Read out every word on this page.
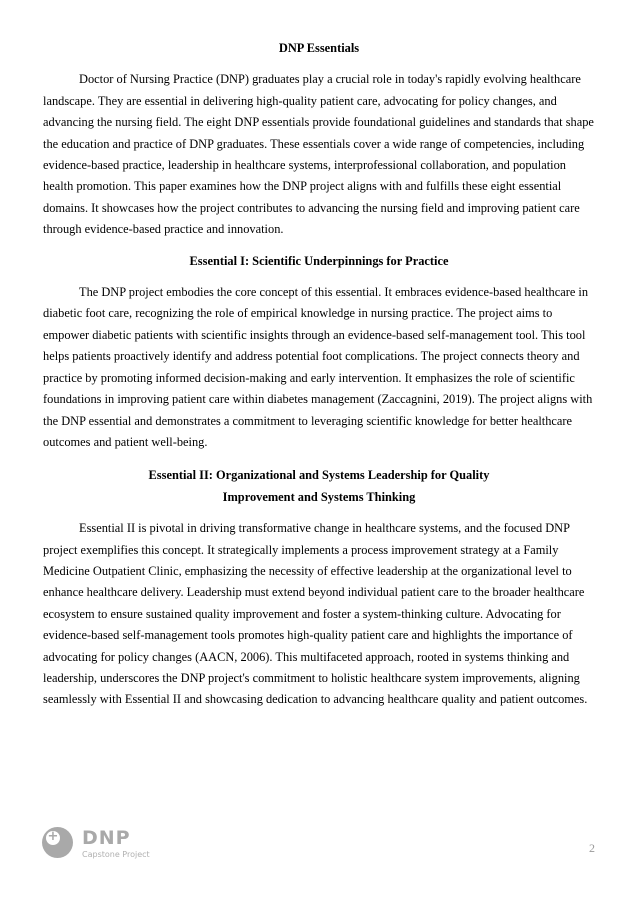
DNP Essentials

Doctor of Nursing Practice (DNP) graduates play a crucial role in today's rapidly evolving healthcare landscape. They are essential in delivering high-quality patient care, advocating for policy changes, and advancing the nursing field. The eight DNP essentials provide foundational guidelines and standards that shape the education and practice of DNP graduates. These essentials cover a wide range of competencies, including evidence-based practice, leadership in healthcare systems, interprofessional collaboration, and population health promotion. This paper examines how the DNP project aligns with and fulfills these eight essential domains. It showcases how the project contributes to advancing the nursing field and improving patient care through evidence-based practice and innovation.

Essential I: Scientific Underpinnings for Practice

The DNP project embodies the core concept of this essential. It embraces evidence-based healthcare in diabetic foot care, recognizing the role of empirical knowledge in nursing practice. The project aims to empower diabetic patients with scientific insights through an evidence-based self-management tool. This tool helps patients proactively identify and address potential foot complications. The project connects theory and practice by promoting informed decision-making and early intervention. It emphasizes the role of scientific foundations in improving patient care within diabetes management (Zaccagnini, 2019). The project aligns with the DNP essential and demonstrates a commitment to leveraging scientific knowledge for better healthcare outcomes and patient well-being.

Essential II: Organizational and Systems Leadership for Quality
Improvement and Systems Thinking

Essential II is pivotal in driving transformative change in healthcare systems, and the focused DNP project exemplifies this concept. It strategically implements a process improvement strategy at a Family Medicine Outpatient Clinic, emphasizing the necessity of effective leadership at the organizational level to enhance healthcare delivery. Leadership must extend beyond individual patient care to the broader healthcare ecosystem to ensure sustained quality improvement and foster a system-thinking culture. Advocating for evidence-based self-management tools promotes high-quality patient care and highlights the importance of advocating for policy changes (AACN, 2006). This multifaceted approach, rooted in systems thinking and leadership, underscores the DNP project's commitment to holistic healthcare system improvements, aligning seamlessly with Essential II and showcasing dedication to advancing healthcare quality and patient outcomes.

+ DNP
Capstone Project	2
